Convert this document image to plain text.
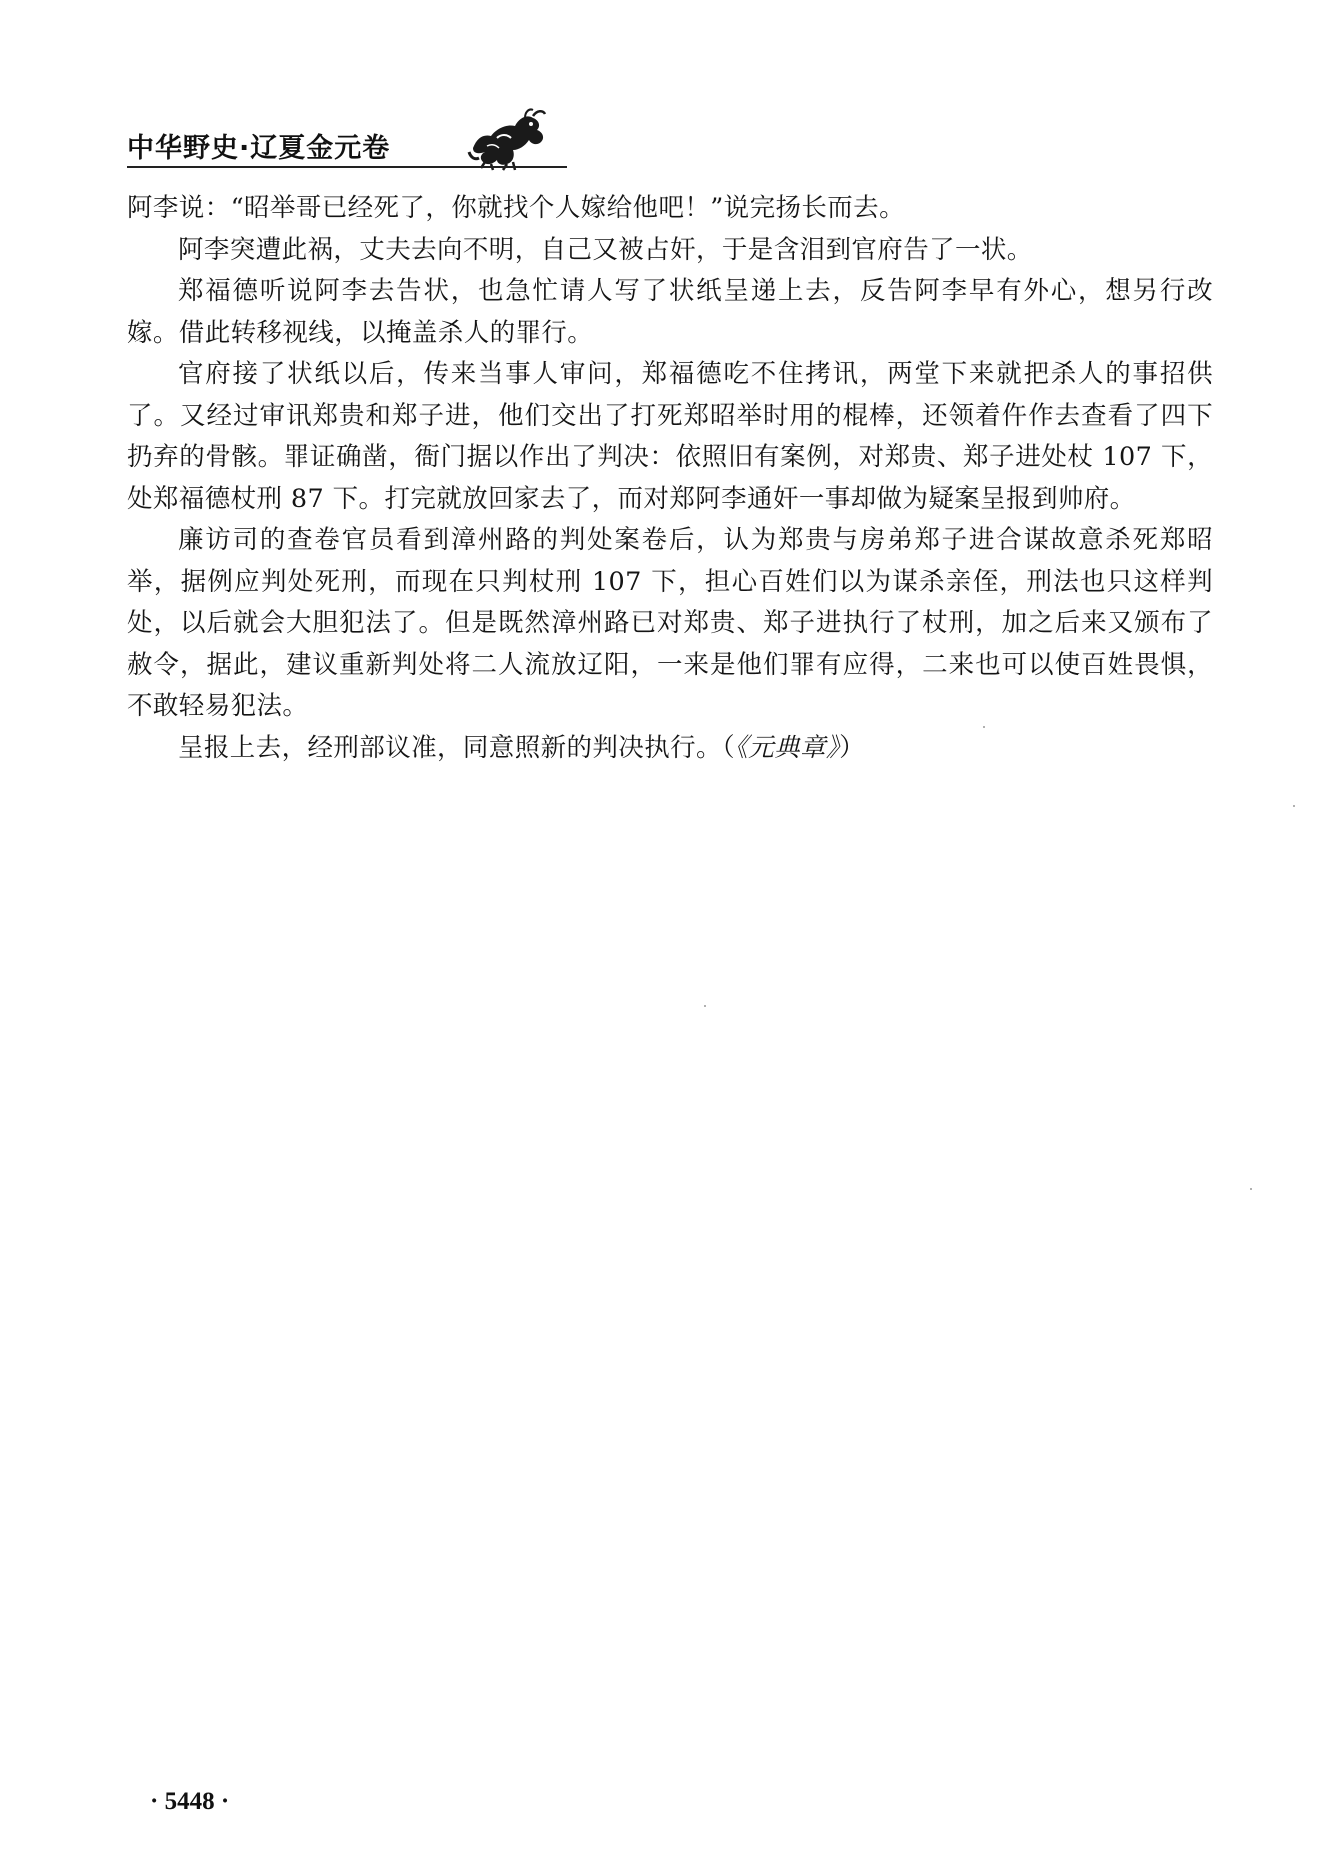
中华野史·辽夏金元卷

阿李说：“昭举哥已经死了，你就找个人嫁给他吧！”说完扬长而去。

阿李突遭此祸，丈夫去向不明，自己又被占奸，于是含泪到官府告了一状。

郑福德听说阿李去告状，也急忙请人写了状纸呈递上去，反告阿李早有外心，想另行改嫁。借此转移视线，以掩盖杀人的罪行。

官府接了状纸以后，传来当事人审问，郑福德吃不住拷讯，两堂下来就把杀人的事招供了。又经过审讯郑贵和郑子进，他们交出了打死郑昭举时用的棍棒，还领着仵作去查看了四下扔弃的骨骸。罪证确凿，衙门据以作出了判决：依照旧有案例，对郑贵、郑子进处杖 107 下，处郑福德杖刑 87 下。打完就放回家去了，而对郑阿李通奸一事却做为疑案呈报到帅府。

廉访司的查卷官员看到漳州路的判处案卷后，认为郑贵与房弟郑子进合谋故意杀死郑昭举，据例应判处死刑，而现在只判杖刑 107 下，担心百姓们以为谋杀亲侄，刑法也只这样判处，以后就会大胆犯法了。但是既然漳州路已对郑贵、郑子进执行了杖刑，加之后来又颁布了赦令，据此，建议重新判处将二人流放辽阳，一来是他们罪有应得，二来也可以使百姓畏惧，不敢轻易犯法。

呈报上去，经刑部议准，同意照新的判决执行。（《元典章》）

· 5448 ·
